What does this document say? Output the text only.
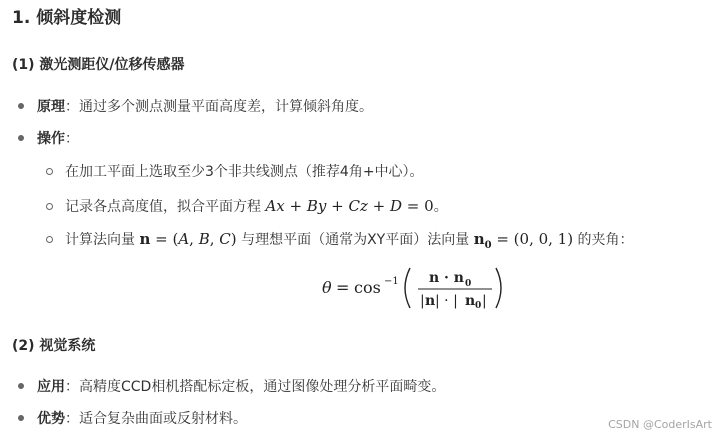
1. 倾斜度检测
(1) 激光测距仪/位移传感器
原理：通过多个测点测量平面高度差，计算倾斜角度。
操作：
在加工平面上选取至少3个非共线测点（推荐4角+中心）。
记录各点高度值，拟合平面方程 Ax + By + Cz + D = 0。
计算法向量 n = (A, B, C) 与理想平面（通常为XY平面）法向量 $n_0 = (0$, 0, 1) 的夹角：
θ = cos −1 n · n 0
| n | · | n 0 |
(2) 视觉系统
应用：高精度CCD相机搭配标定板，通过图像处理分析平面畸变。
优势：适合复杂曲面或反射材料。	CSDN @CoderIsArt
